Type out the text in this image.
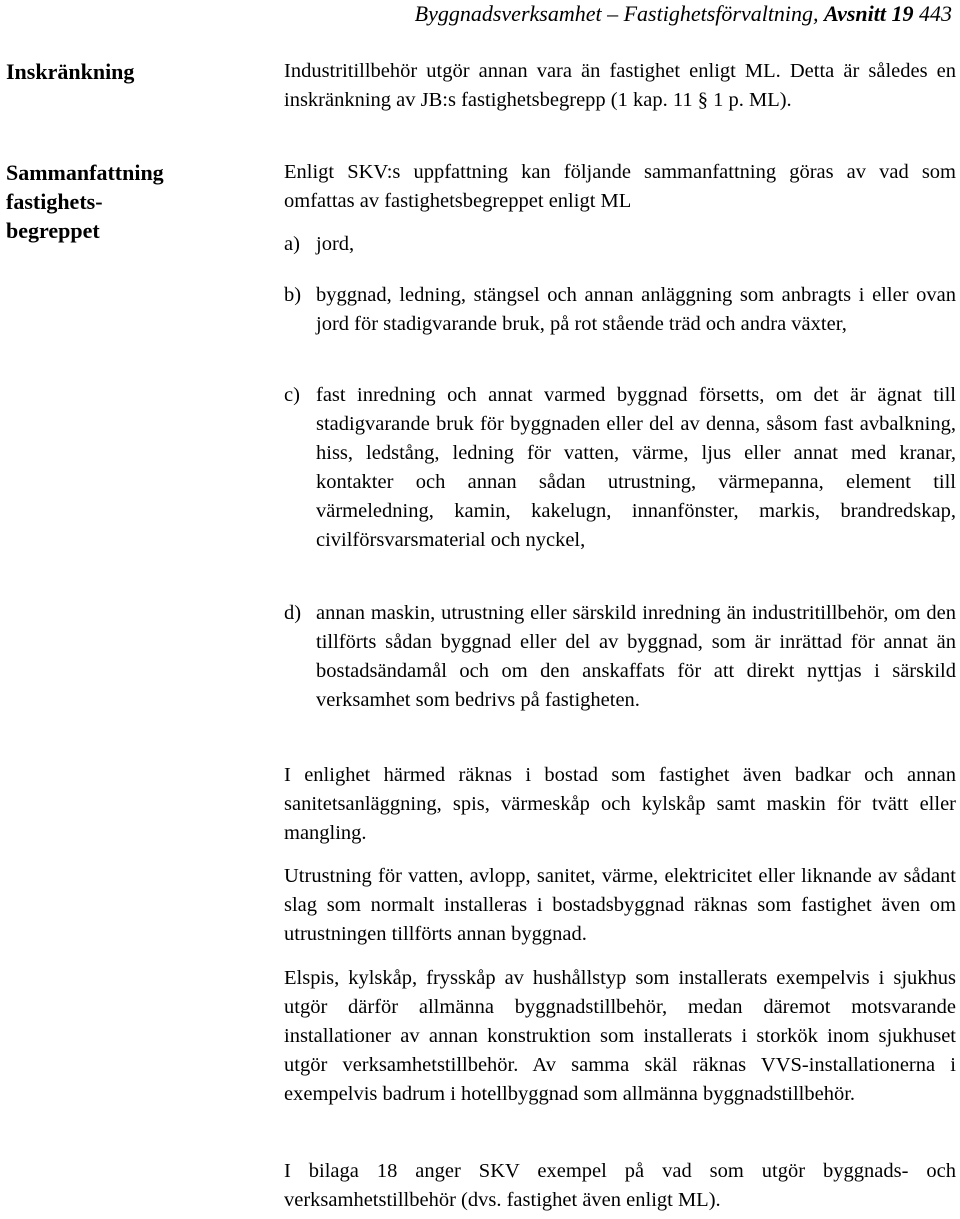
Byggnadsverksamhet – Fastighetsförvaltning, Avsnitt 19 443
Inskränkning
Sammanfattning
fastighets-
begreppet

Industritillbehör utgör annan vara än fastighet enligt ML. Detta är således en inskränkning av JB:s fastighetsbegrepp (1 kap. 11 § 1 p. ML).

Enligt SKV:s uppfattning kan följande sammanfattning göras av vad som omfattas av fastighetsbegreppet enligt ML

a) jord,
b) byggnad, ledning, stängsel och annan anläggning som anbragts i eller ovan jord för stadigvarande bruk, på rot stående träd och andra växter,
c) fast inredning och annat varmed byggnad försetts, om det är ägnat till stadigvarande bruk för byggnaden eller del av denna, såsom fast avbalkning, hiss, ledstång, ledning för vatten, värme, ljus eller annat med kranar, kontakter och annan sådan utrustning, värmepanna, element till värmeledning, kamin, kakelugn, innanfönster, markis, brandredskap, civilförsvarsmaterial och nyckel,
d) annan maskin, utrustning eller särskild inredning än industritillbehör, om den tillförts sådan byggnad eller del av byggnad, som är inrättad för annat än bostadsändamål och om den anskaffats för att direkt nyttjas i särskild verksamhet som bedrivs på fastigheten.

I enlighet härmed räknas i bostad som fastighet även badkar och annan sanitetsanläggning, spis, värmeskåp och kylskåp samt maskin för tvätt eller mangling.

Utrustning för vatten, avlopp, sanitet, värme, elektricitet eller liknande av sådant slag som normalt installeras i bostadsbyggnad räknas som fastighet även om utrustningen tillförts annan byggnad.

Elspis, kylskåp, frysskåp av hushållstyp som installerats exempelvis i sjukhus utgör därför allmänna byggnadstillbehör, medan däremot motsvarande installationer av annan konstruktion som installerats i storkök inom sjukhuset utgör verksamhetstillbehör. Av samma skäl räknas VVS-installationerna i exempelvis badrum i hotellbyggnad som allmänna byggnadstillbehör.

I bilaga 18 anger SKV exempel på vad som utgör byggnads- och verksamhetstillbehör (dvs. fastighet även enligt ML).
